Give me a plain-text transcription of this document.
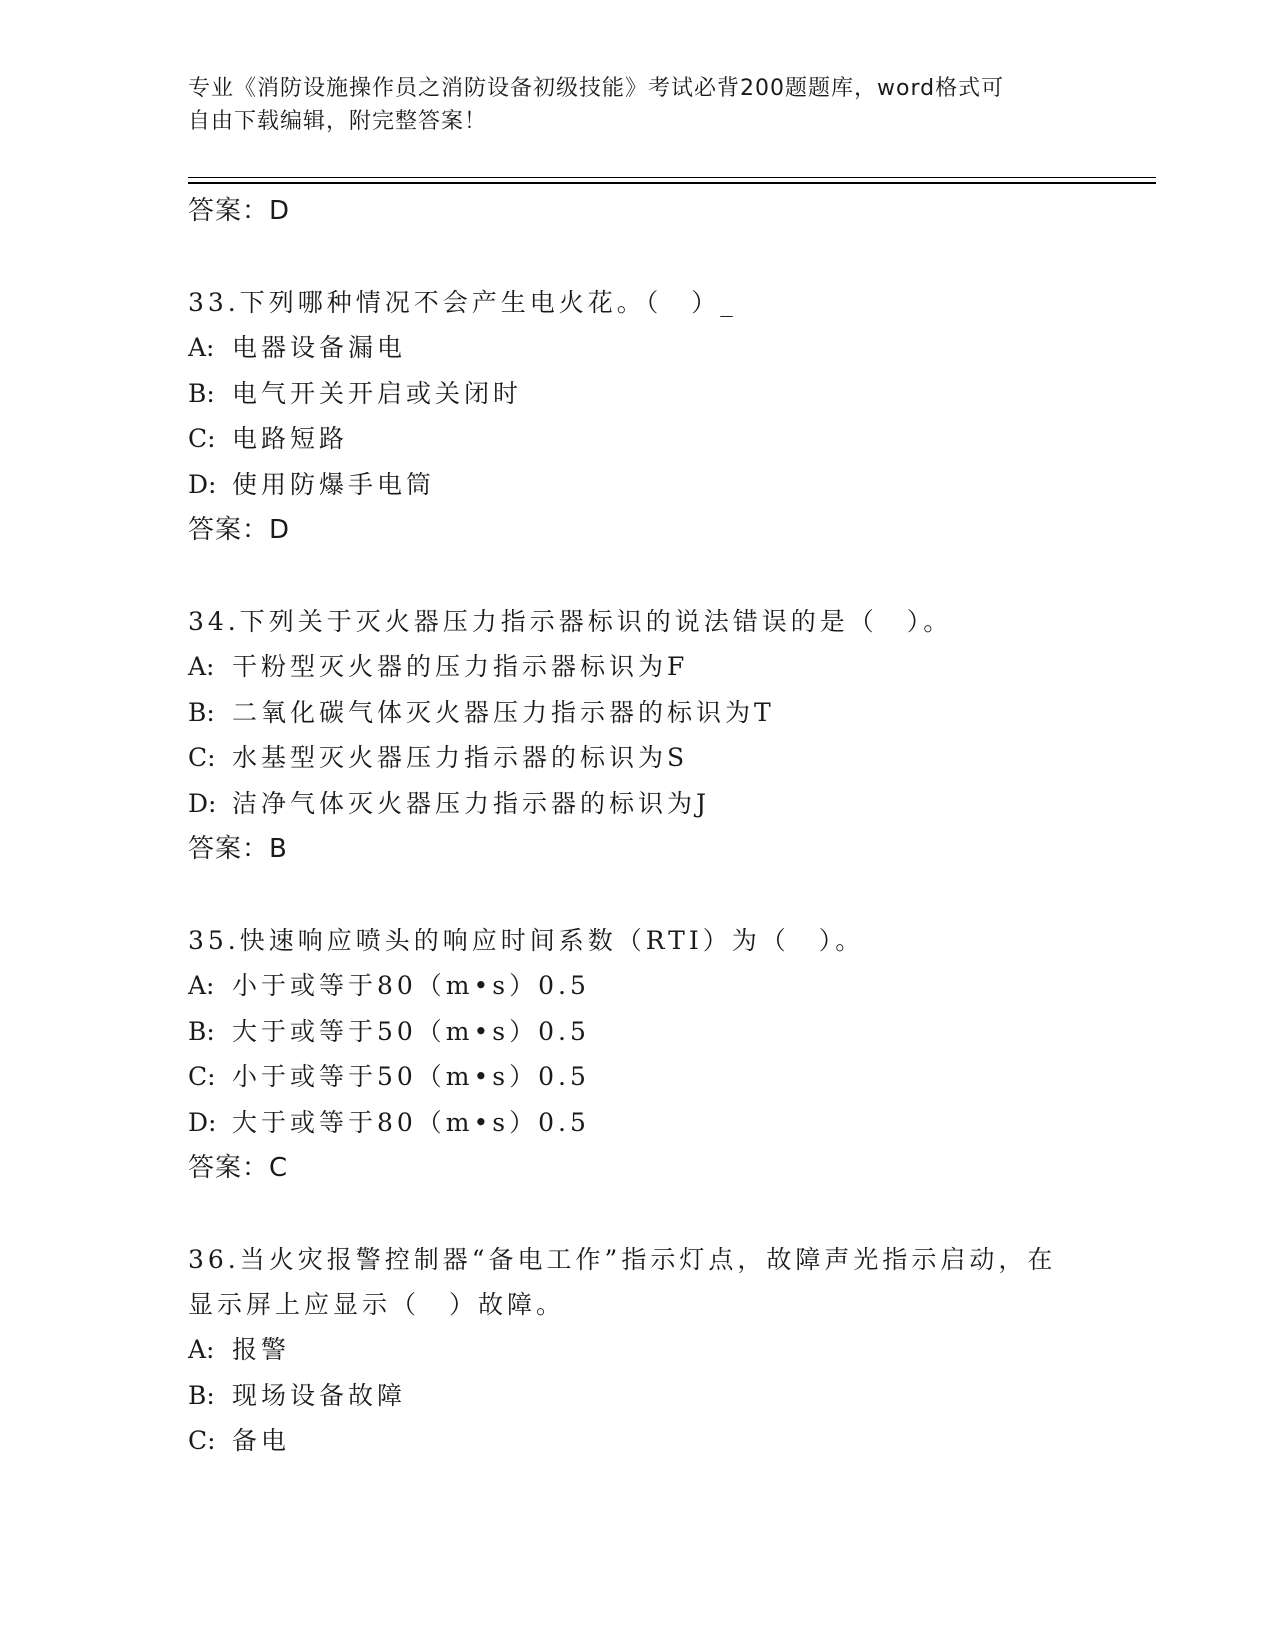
专业《消防设施操作员之消防设备初级技能》考试必背200题题库，word格式可
自由下载编辑，附完整答案！
答案：D
33.下列哪种情况不会产生电火花。（　）_
A: 电器设备漏电
B: 电气开关开启或关闭时
C: 电路短路
D: 使用防爆手电筒
答案：D
34.下列关于灭火器压力指示器标识的说法错误的是（　）。
A: 干粉型灭火器的压力指示器标识为F
B: 二氧化碳气体灭火器压力指示器的标识为T
C: 水基型灭火器压力指示器的标识为S
D: 洁净气体灭火器压力指示器的标识为J
答案：B
35.快速响应喷头的响应时间系数（RTI）为（　）。
A: 小于或等于80（m•s）0.5
B: 大于或等于50（m•s）0.5
C: 小于或等于50（m•s）0.5
D: 大于或等于80（m•s）0.5
答案：C
36.当火灾报警控制器“备电工作”指示灯点，故障声光指示启动，在
显示屏上应显示（　）故障。
A: 报警
B: 现场设备故障
C: 备电
